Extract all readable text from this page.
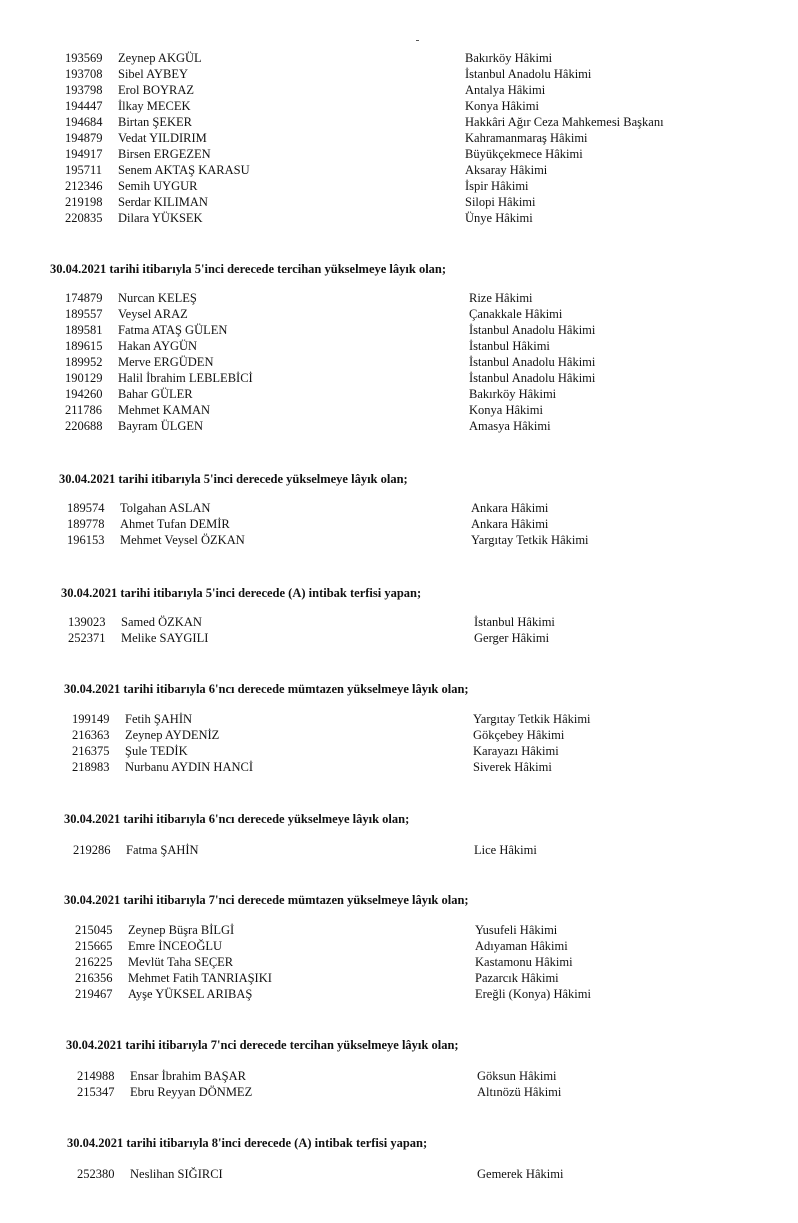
193569 Zeynep AKGÜL	Bakırköy Hâkimi
193708 Sibel AYBEY	İstanbul Anadolu Hâkimi
193798 Erol BOYRAZ	Antalya Hâkimi
194447 İlkay MECEK	Konya Hâkimi
194684 Birtan ŞEKER	Hakkâri Ağır Ceza Mahkemesi Başkanı
194879 Vedat YILDIRIM	Kahramanmaraş Hâkimi
194917 Birsen ERGEZEN	Büyükçekmece Hâkimi
195711 Senem AKTAŞ KARASU	Aksaray Hâkimi
212346 Semih UYGUR	İspir Hâkimi
219198 Serdar KILIMAN	Silopi Hâkimi
220835 Dilara YÜKSEK	Ünye Hâkimi

30.04.2021 tarihi itibarıyla 5'inci derecede tercihan yükselmeye lâyık olan;

174879 Nurcan KELEŞ	Rize Hâkimi
189557 Veysel ARAZ	Çanakkale Hâkimi
189581 Fatma ATAŞ GÜLEN	İstanbul Anadolu Hâkimi
189615 Hakan AYGÜN	İstanbul Hâkimi
189952 Merve ERGÜDEN	İstanbul Anadolu Hâkimi
190129 Halil İbrahim LEBLEBİCİ	İstanbul Anadolu Hâkimi
194260 Bahar GÜLER	Bakırköy Hâkimi
211786 Mehmet KAMAN	Konya Hâkimi
220688 Bayram ÜLGEN	Amasya Hâkimi

30.04.2021 tarihi itibarıyla 5'inci derecede yükselmeye lâyık olan;

189574 Tolgahan ASLAN	Ankara Hâkimi
189778 Ahmet Tufan DEMİR	Ankara Hâkimi
196153 Mehmet Veysel ÖZKAN	Yargıtay Tetkik Hâkimi

30.04.2021 tarihi itibarıyla 5'inci derecede (A) intibak terfisi yapan;

139023 Samed ÖZKAN	İstanbul Hâkimi
252371 Melike SAYGILI	Gerger Hâkimi

30.04.2021 tarihi itibarıyla 6'ncı derecede mümtazen yükselmeye lâyık olan;

199149 Fetih ŞAHİN	Yargıtay Tetkik Hâkimi
216363 Zeynep AYDENİZ	Gökçebey Hâkimi
216375 Şule TEDİK	Karayazı Hâkimi
218983 Nurbanu AYDIN HANCİ	Siverek Hâkimi

30.04.2021 tarihi itibarıyla 6'ncı derecede yükselmeye lâyık olan;

219286 Fatma ŞAHİN	Lice Hâkimi

30.04.2021 tarihi itibarıyla 7'nci derecede mümtazen yükselmeye lâyık olan;

215045 Zeynep Büşra BİLGİ	Yusufeli Hâkimi
215665 Emre İNCEOĞLU	Adıyaman Hâkimi
216225 Mevlüt Taha SEÇER	Kastamonu Hâkimi
216356 Mehmet Fatih TANRIAŞIKI	Pazarcık Hâkimi
219467 Ayşe YÜKSEL ARIBAŞ	Ereğli (Konya) Hâkimi

30.04.2021 tarihi itibarıyla 7'nci derecede tercihan yükselmeye lâyık olan;

214988 Ensar İbrahim BAŞAR	Göksun Hâkimi
215347 Ebru Reyyan DÖNMEZ	Altınözü Hâkimi

30.04.2021 tarihi itibarıyla 8'inci derecede (A) intibak terfisi yapan;

252380 Neslihan SIĞIRCI	Gemerek Hâkimi
